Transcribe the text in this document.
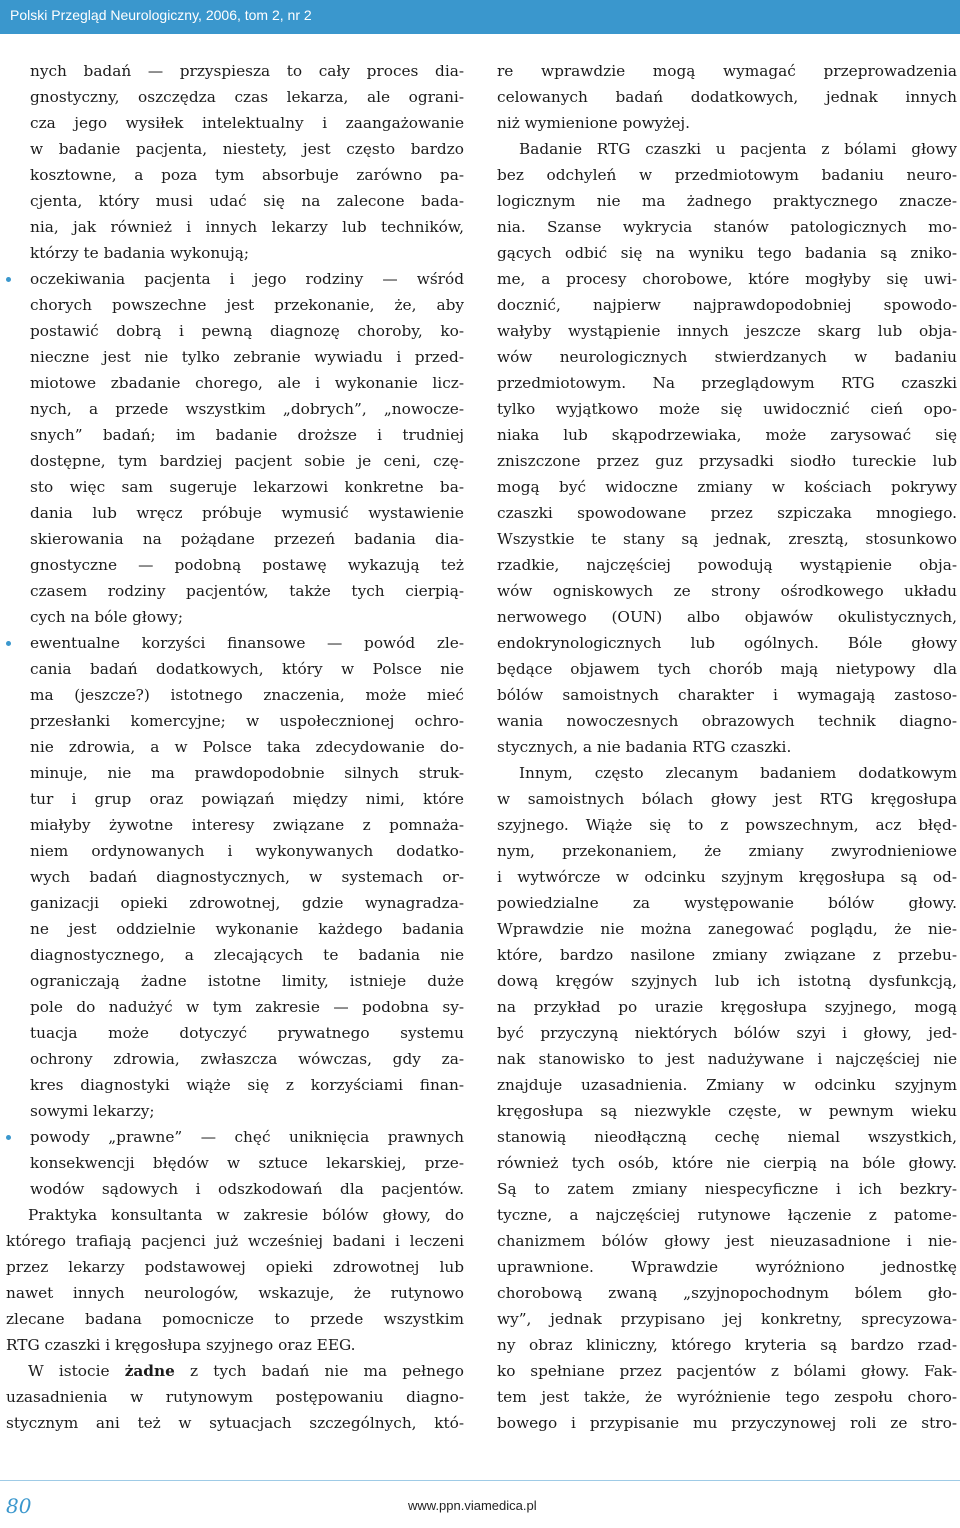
Polski Przegląd Neurologiczny, 2006, tom 2, nr 2
nych badań — przyspiesza to cały proces dia-
gnostyczny, oszczędza czas lekarza, ale ograni-
cza jego wysiłek intelektualny i zaangażowanie
w badanie pacjenta, niestety, jest często bardzo
kosztowne, a poza tym absorbuje zarówno pa-
cjenta, który musi udać się na zalecone bada-
nia, jak również i innych lekarzy lub techników,
którzy te badania wykonują;
oczekiwania pacjenta i jego rodziny — wśród
chorych powszechne jest przekonanie, że, aby
postawić dobrą i pewną diagnozę choroby, ko-
nieczne jest nie tylko zebranie wywiadu i przed-
miotowe zbadanie chorego, ale i wykonanie licz-
nych, a przede wszystkim „dobrych”, „nowocze-
snych” badań; im badanie droższe i trudniej
dostępne, tym bardziej pacjent sobie je ceni, czę-
sto więc sam sugeruje lekarzowi konkretne ba-
dania lub wręcz próbuje wymusić wystawienie
skierowania na pożądane przezeń badania dia-
gnostyczne — podobną postawę wykazują też
czasem rodziny pacjentów, także tych cierpią-
cych na bóle głowy;
ewentualne korzyści finansowe — powód zle-
cania badań dodatkowych, który w Polsce nie
ma (jeszcze?) istotnego znaczenia, może mieć
przesłanki komercyjne; w uspołecznionej ochro-
nie zdrowia, a w Polsce taka zdecydowanie do-
minuje, nie ma prawdopodobnie silnych struk-
tur i grup oraz powiązań między nimi, które
miałyby żywotne interesy związane z pomnaża-
niem ordynowanych i wykonywanych dodatko-
wych badań diagnostycznych, w systemach or-
ganizacji opieki zdrowotnej, gdzie wynagradza-
ne jest oddzielnie wykonanie każdego badania
diagnostycznego, a zlecających te badania nie
ograniczają żadne istotne limity, istnieje duże
pole do nadużyć w tym zakresie — podobna sy-
tuacja może dotyczyć prywatnego systemu
ochrony zdrowia, zwłaszcza wówczas, gdy za-
kres diagnostyki wiąże się z korzyściami finan-
sowymi lekarzy;
powody „prawne” — chęć uniknięcia prawnych
konsekwencji błędów w sztuce lekarskiej, prze-
wodów sądowych i odszkodowań dla pacjentów.
Praktyka konsultanta w zakresie bólów głowy, do
którego trafiają pacjenci już wcześniej badani i leczeni
przez lekarzy podstawowej opieki zdrowotnej lub
nawet innych neurologów, wskazuje, że rutynowo
zlecane badana pomocnicze to przede wszystkim
RTG czaszki i kręgosłupa szyjnego oraz EEG.
W istocie żadne z tych badań nie ma pełnego
uzasadnienia w rutynowym postępowaniu diagno-
stycznym ani też w sytuacjach szczególnych, któ-
re wprawdzie mogą wymagać przeprowadzenia
celowanych badań dodatkowych, jednak innych
niż wymienione powyżej.
Badanie RTG czaszki u pacjenta z bólami głowy
bez odchyleń w przedmiotowym badaniu neuro-
logicznym nie ma żadnego praktycznego znacze-
nia. Szanse wykrycia stanów patologicznych mo-
gących odbić się na wyniku tego badania są zniko-
me, a procesy chorobowe, które mogłyby się uwi-
docznić, najpierw najprawdopodobniej spowodo-
wałyby wystąpienie innych jeszcze skarg lub obja-
wów neurologicznych stwierdzanych w badaniu
przedmiotowym. Na przeglądowym RTG czaszki
tylko wyjątkowo może się uwidocznić cień opo-
niaka lub skąpodrzewiaka, może zarysować się
zniszczone przez guz przysadki siodło tureckie lub
mogą być widoczne zmiany w kościach pokrywy
czaszki spowodowane przez szpiczaka mnogiego.
Wszystkie te stany są jednak, zresztą, stosunkowo
rzadkie, najczęściej powodują wystąpienie obja-
wów ogniskowych ze strony ośrodkowego układu
nerwowego (OUN) albo objawów okulistycznych,
endokrynologicznych lub ogólnych. Bóle głowy
będące objawem tych chorób mają nietypowy dla
bólów samoistnych charakter i wymagają zastoso-
wania nowoczesnych obrazowych technik diagno-
stycznych, a nie badania RTG czaszki.
Innym, często zlecanym badaniem dodatkowym
w samoistnych bólach głowy jest RTG kręgosłupa
szyjnego. Wiąże się to z powszechnym, acz błęd-
nym, przekonaniem, że zmiany zwyrodnieniowe
i wytwórcze w odcinku szyjnym kręgosłupa są od-
powiedzialne za występowanie bólów głowy.
Wprawdzie nie można zanegować poglądu, że nie-
które, bardzo nasilone zmiany związane z przebu-
dową kręgów szyjnych lub ich istotną dysfunkcją,
na przykład po urazie kręgosłupa szyjnego, mogą
być przyczyną niektórych bólów szyi i głowy, jed-
nak stanowisko to jest nadużywane i najczęściej nie
znajduje uzasadnienia. Zmiany w odcinku szyjnym
kręgosłupa są niezwykle częste, w pewnym wieku
stanowią nieodłączną cechę niemal wszystkich,
również tych osób, które nie cierpią na bóle głowy.
Są to zatem zmiany niespecyficzne i ich bezkry-
tyczne, a najczęściej rutynowe łączenie z patome-
chanizmem bólów głowy jest nieuzasadnione i nie-
uprawnione. Wprawdzie wyróżniono jednostkę
chorobową zwaną „szyjnopochodnym bólem gło-
wy”, jednak przypisano jej konkretny, sprecyzowa-
ny obraz kliniczny, którego kryteria są bardzo rzad-
ko spełniane przez pacjentów z bólami głowy. Fak-
tem jest także, że wyróżnienie tego zespołu choro-
bowego i przypisanie mu przyczynowej roli ze stro-
80	www.ppn.viamedica.pl
